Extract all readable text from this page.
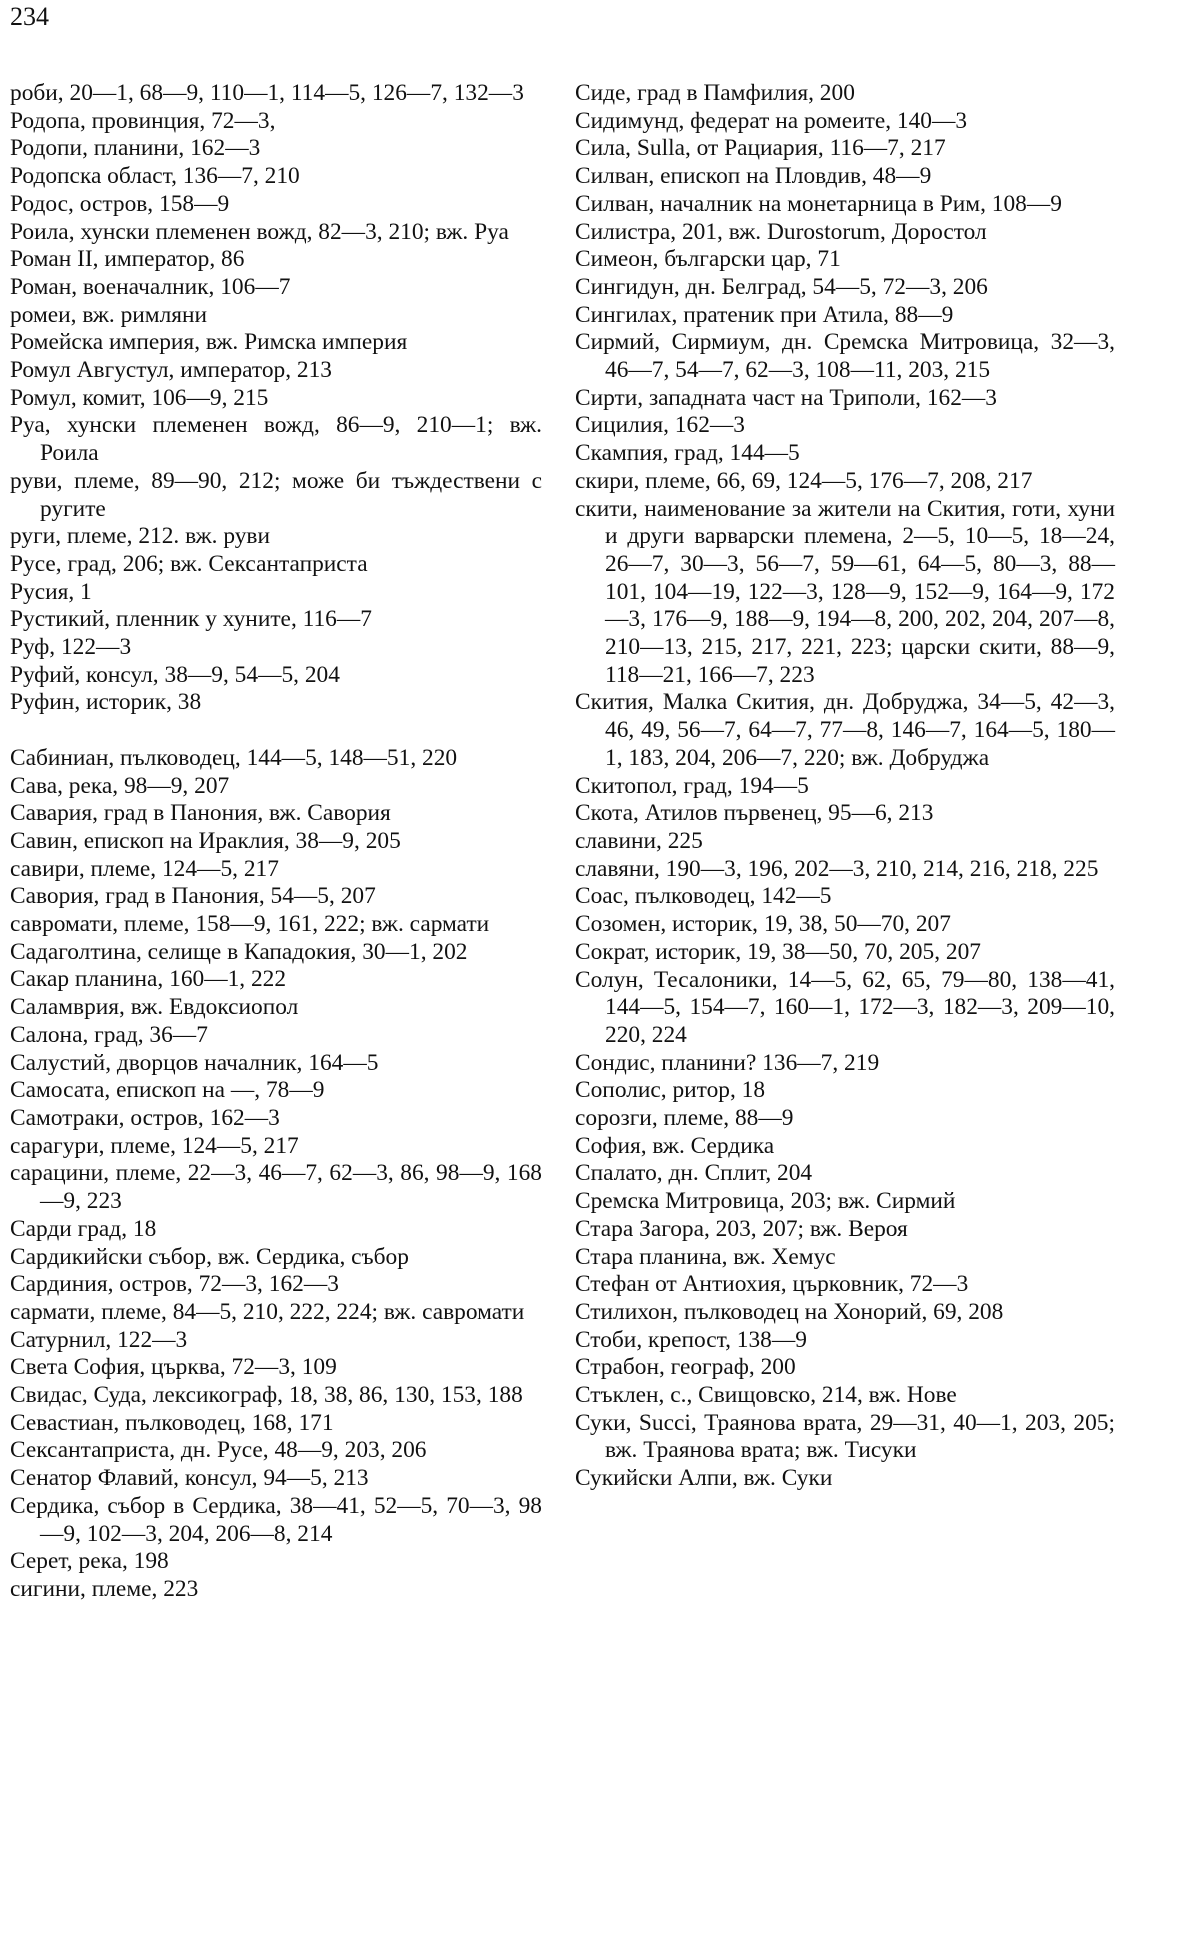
234
роби, 20—1, 68—9, 110—1, 114—5, 126—7, 132—3
Родопа, провинция, 72—3,
Родопи, планини, 162—3
Родопска област, 136—7, 210
Родос, остров, 158—9
Роила, хунски племенен вожд, 82—3, 210; вж. Руа
Роман II, император, 86
Роман, военачалник, 106—7
ромеи, вж. римляни
Ромейска империя, вж. Римска империя
Ромул Августул, император, 213
Ромул, комит, 106—9, 215
Руа, хунски племенен вожд, 86—9, 210—1; вж. Роила
руви, племе, 89—90, 212; може би тъждествени с ругите
руги, племе, 212. вж. руви
Русе, град, 206; вж. Сексантаприста
Русия, 1
Рустикий, пленник у хуните, 116—7
Руф, 122—3
Руфий, консул, 38—9, 54—5, 204
Руфин, историк, 38
Сабиниан, пълководец, 144—5, 148—51, 220
Сава, река, 98—9, 207
Савария, град в Панония, вж. Савория
Савин, епископ на Ираклия, 38—9, 205
савири, племе, 124—5, 217
Савория, град в Панония, 54—5, 207
савромати, племе, 158—9, 161, 222; вж. сармати
Садаголтина, селище в Кападокия, 30—1, 202
Сакар планина, 160—1, 222
Саламврия, вж. Евдоксиопол
Салона, град, 36—7
Салустий, дворцов началник, 164—5
Самосата, епископ на —, 78—9
Самотраки, остров, 162—3
сарагури, племе, 124—5, 217
сарацини, племе, 22—3, 46—7, 62—3, 86, 98—9, 168—9, 223
Сарди град, 18
Сардикийски събор, вж. Сердика, събор
Сардиния, остров, 72—3, 162—3
сармати, племе, 84—5, 210, 222, 224; вж. савромати
Сатурнил, 122—3
Света София, църква, 72—3, 109
Свидас, Суда, лексикограф, 18, 38, 86, 130, 153, 188
Севастиан, пълководец, 168, 171
Сексантаприста, дн. Русе, 48—9, 203, 206
Сенатор Флавий, консул, 94—5, 213
Сердика, събор в Сердика, 38—41, 52—5, 70—3, 98—9, 102—3, 204, 206—8, 214
Серет, река, 198
сигини, племе, 223
Сиде, град в Памфилия, 200
Сидимунд, федерат на ромеите, 140—3
Сила, Sulla, от Рациария, 116—7, 217
Силван, епископ на Пловдив, 48—9
Силван, началник на монетарница в Рим, 108—9
Силистра, 201, вж. Durostorum, Доростол
Симеон, български цар, 71
Сингидун, дн. Белград, 54—5, 72—3, 206
Сингилах, пратеник при Атила, 88—9
Сирмий, Сирмиум, дн. Сремска Митровица, 32—3, 46—7, 54—7, 62—3, 108—11, 203, 215
Сирти, западната част на Триполи, 162—3
Сицилия, 162—3
Скампия, град, 144—5
скири, племе, 66, 69, 124—5, 176—7, 208, 217
скити, наименование за жители на Скития, готи, хуни и други варварски племена, 2—5, 10—5, 18—24, 26—7, 30—3, 56—7, 59—61, 64—5, 80—3, 88—101, 104—19, 122—3, 128—9, 152—9, 164—9, 172—3, 176—9, 188—9, 194—8, 200, 202, 204, 207—8, 210—13, 215, 217, 221, 223; царски скити, 88—9, 118—21, 166—7, 223
Скития, Малка Скития, дн. Добруджа, 34—5, 42—3, 46, 49, 56—7, 64—7, 77—8, 146—7, 164—5, 180—1, 183, 204, 206—7, 220; вж. Добруджа
Скитопол, град, 194—5
Скота, Атилов първенец, 95—6, 213
славини, 225
славяни, 190—3, 196, 202—3, 210, 214, 216, 218, 225
Соас, пълководец, 142—5
Созомен, историк, 19, 38, 50—70, 207
Сократ, историк, 19, 38—50, 70, 205, 207
Солун, Тесалоники, 14—5, 62, 65, 79—80, 138—41, 144—5, 154—7, 160—1, 172—3, 182—3, 209—10, 220, 224
Сондис, планини? 136—7, 219
Сополис, ритор, 18
сорозги, племе, 88—9
София, вж. Сердика
Спалато, дн. Сплит, 204
Сремска Митровица, 203; вж. Сирмий
Стара Загора, 203, 207; вж. Вероя
Стара планина, вж. Хемус
Стефан от Антиохия, църковник, 72—3
Стилихон, пълководец на Хонорий, 69, 208
Стоби, крепост, 138—9
Страбон, географ, 200
Стъклен, с., Свищовско, 214, вж. Нове
Суки, Succi, Траянова врата, 29—31, 40—1, 203, 205; вж. Траянова врата; вж. Тисуки
Сукийски Алпи, вж. Суки
